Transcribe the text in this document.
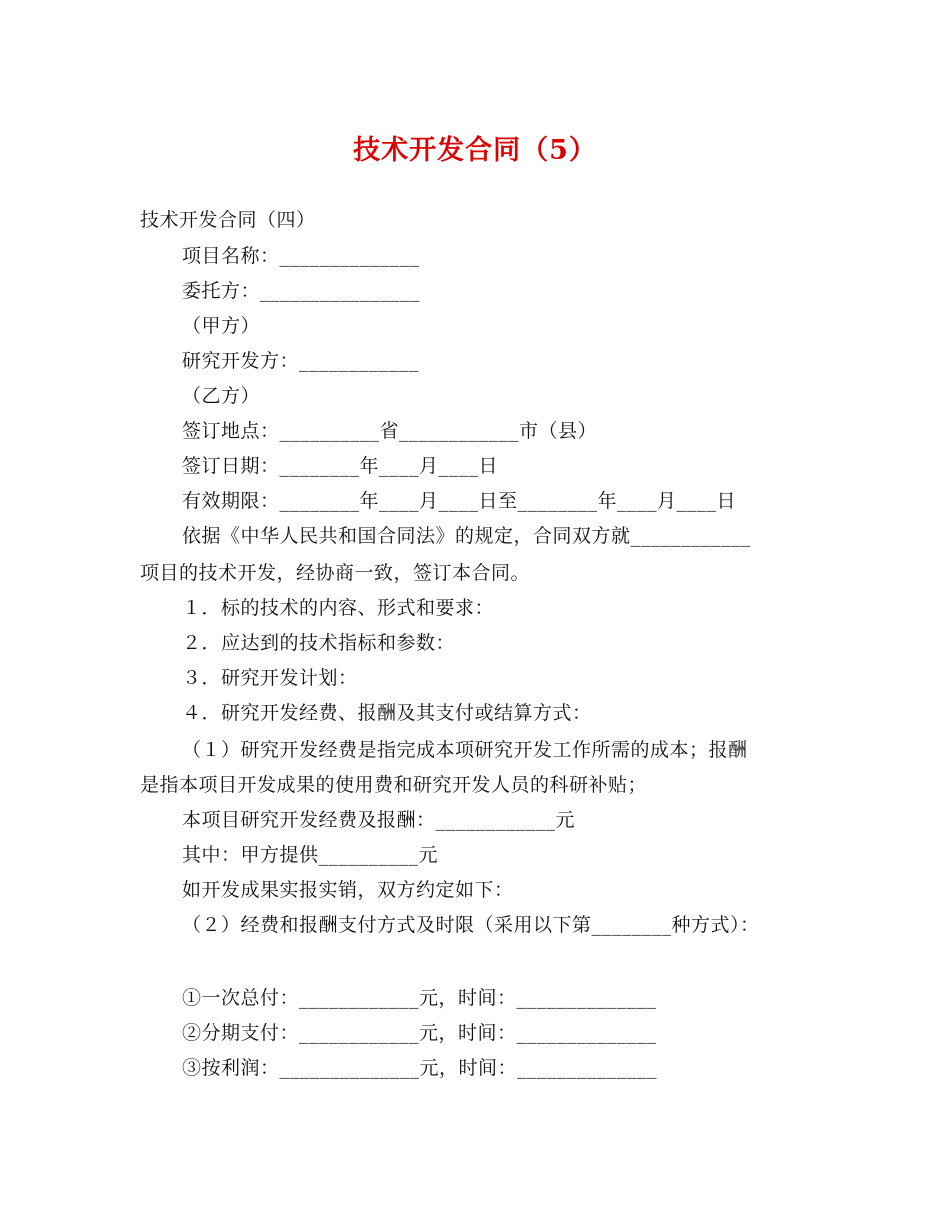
技术开发合同（5）
技术开发合同（四）
项目名称：______________
委托方：________________
（甲方）
研究开发方：____________
（乙方）
签订地点：__________省____________市（县）
签订日期：________年____月____日
有效期限：________年____月____日至________年____月____日
依据《中华人民共和国合同法》的规定，合同双方就____________
项目的技术开发，经协商一致，签订本合同。
１．标的技术的内容、形式和要求：
２．应达到的技术指标和参数：
３．研究开发计划：
４．研究开发经费、报酬及其支付或结算方式：
（１）研究开发经费是指完成本项研究开发工作所需的成本；报酬
是指本项目开发成果的使用费和研究开发人员的科研补贴；
本项目研究开发经费及报酬：____________元
其中：甲方提供__________元
如开发成果实报实销，双方约定如下：
（２）经费和报酬支付方式及时限（采用以下第________种方式）：
①一次总付：____________元，时间：______________
②分期支付：____________元，时间：______________
③按利润：______________元，时间：______________
